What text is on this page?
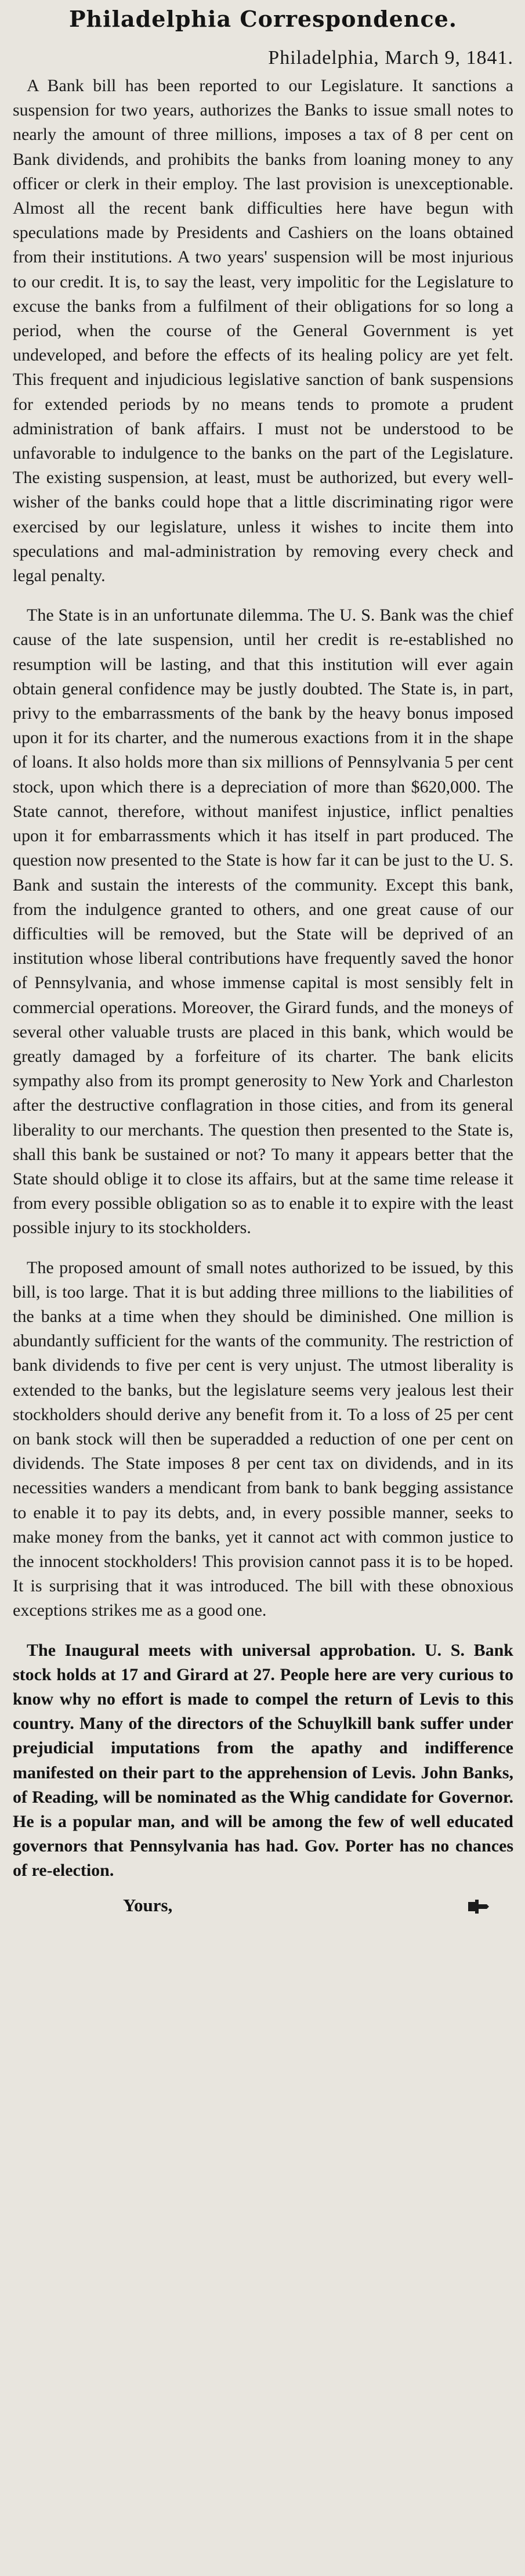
Philadelphia Correspondence.
Philadelphia, March 9, 1841.

A Bank bill has been reported to our Legislature. It sanctions a suspension for two years, authorizes the Banks to issue small notes to nearly the amount of three millions, imposes a tax of 8 per cent on Bank dividends, and prohibits the banks from loaning money to any officer or clerk in their employ. The last provision is unexceptionable. Almost all the recent bank difficulties here have begun with speculations made by Presidents and Cashiers on the loans obtained from their institutions. A two years' suspension will be most injurious to our credit. It is, to say the least, very impolitic for the Legislature to excuse the banks from a fulfilment of their obligations for so long a period, when the course of the General Government is yet undeveloped, and before the effects of its healing policy are yet felt. This frequent and injudicious legislative sanction of bank suspensions for extended periods by no means tends to promote a prudent administration of bank affairs. I must not be understood to be unfavorable to indulgence to the banks on the part of the Legislature. The existing suspension, at least, must be authorized, but every well-wisher of the banks could hope that a little discriminating rigor were exercised by our legislature, unless it wishes to incite them into speculations and mal-administration by removing every check and legal penalty.

The State is in an unfortunate dilemma. The U. S. Bank was the chief cause of the late suspension, until her credit is re-established no resumption will be lasting, and that this institution will ever again obtain general confidence may be justly doubted. The State is, in part, privy to the embarrassments of the bank by the heavy bonus imposed upon it for its charter, and the numerous exactions from it in the shape of loans. It also holds more than six millions of Pennsylvania 5 per cent stock, upon which there is a depreciation of more than $620,000. The State cannot, therefore, without manifest injustice, inflict penalties upon it for embarrassments which it has itself in part produced. The question now presented to the State is how far it can be just to the U. S. Bank and sustain the interests of the community. Except this bank, from the indulgence granted to others, and one great cause of our difficulties will be removed, but the State will be deprived of an institution whose liberal contributions have frequently saved the honor of Pennsylvania, and whose immense capital is most sensibly felt in commercial operations. Moreover, the Girard funds, and the moneys of several other valuable trusts are placed in this bank, which would be greatly damaged by a forfeiture of its charter. The bank elicits sympathy also from its prompt generosity to New York and Charleston after the destructive conflagration in those cities, and from its general liberality to our merchants. The question then presented to the State is, shall this bank be sustained or not? To many it appears better that the State should oblige it to close its affairs, but at the same time release it from every possible obligation so as to enable it to expire with the least possible injury to its stockholders.

The proposed amount of small notes authorized to be issued, by this bill, is too large. That it is but adding three millions to the liabilities of the banks at a time when they should be diminished. One million is abundantly sufficient for the wants of the community. The restriction of bank dividends to five per cent is very unjust. The utmost liberality is extended to the banks, but the legislature seems very jealous lest their stockholders should derive any benefit from it. To a loss of 25 per cent on bank stock will then be superadded a reduction of one per cent on dividends. The State imposes 8 per cent tax on dividends, and in its necessities wanders a mendicant from bank to bank begging assistance to enable it to pay its debts, and, in every possible manner, seeks to make money from the banks, yet it cannot act with common justice to the innocent stockholders! This provision cannot pass it is to be hoped. It is surprising that it was introduced. The bill with these obnoxious exceptions strikes me as a good one.

The Inaugural meets with universal approbation. U. S. Bank stock holds at 17 and Girard at 27. People here are very curious to know why no effort is made to compel the return of Levis to this country. Many of the directors of the Schuylkill bank suffer under prejudicial imputations from the apathy and indifference manifested on their part to the apprehension of Levis. John Banks, of Reading, will be nominated as the Whig candidate for Governor. He is a popular man, and will be among the few of well educated governors that Pennsylvania has had. Gov. Porter has no chances of re-election.

Yours,
